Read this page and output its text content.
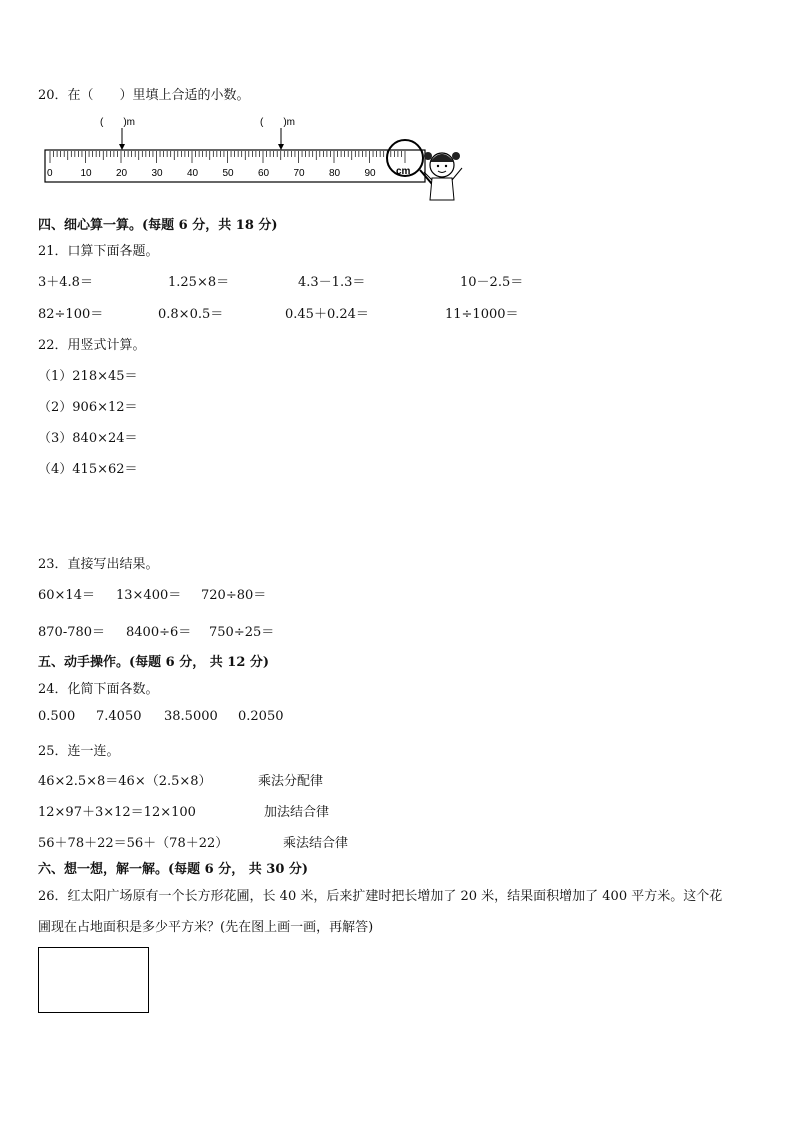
20．在（　　）里填上合适的小数。
(　　)m	(　　)m
0	10 20 30 40 50 60 70 80 90 cm
四、细心算一算。(每题 6 分，共 18 分)
21．口算下面各题。
3＋4.8＝	1.25×8＝	4.3－1.3＝	10－2.5＝
82÷100＝	0.8×0.5＝	0.45＋0.24＝	11÷1000＝
22．用竖式计算。
（1）218×45＝
（2）906×12＝
（3）840×24＝
（4）415×62＝
23．直接写出结果。
60×14＝ 13×400＝ 720÷80＝
870-780＝ 8400÷6＝ 750÷25＝
五、动手操作。(每题 6 分， 共 12 分)
24．化简下面各数。
0.500 7.4050 38.5000 0.2050
25．连一连。
46×2.5×8＝46×（2.5×8）	乘法分配律
12×97＋3×12＝12×100	加法结合律
56＋78＋22＝56＋（78＋22）	乘法结合律
六、想一想，解一解。(每题 6 分， 共 30 分)
26．红太阳广场原有一个长方形花圃，长 40 米，后来扩建时把长增加了 20 米，结果面积增加了 400 平方米。这个花
圃现在占地面积是多少平方米？(先在图上画一画，再解答)
